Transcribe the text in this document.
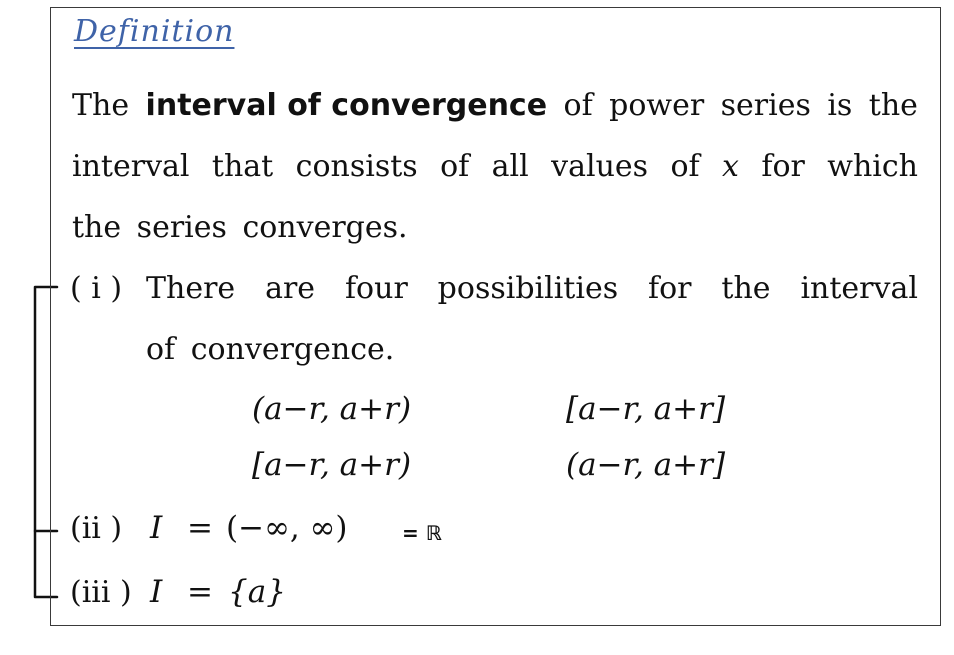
Definition
The interval of convergence of power series is the
interval that consists of all values of x for which
the series converges.
( i ) There are four possibilities for the interval
of convergence.
(a−r, a+r)	[a−r, a+r]
[a−r, a+r)	(a−r, a+r]
(ii ) I = (−∞, ∞)	= ℝ
(iii ) I = {a}
